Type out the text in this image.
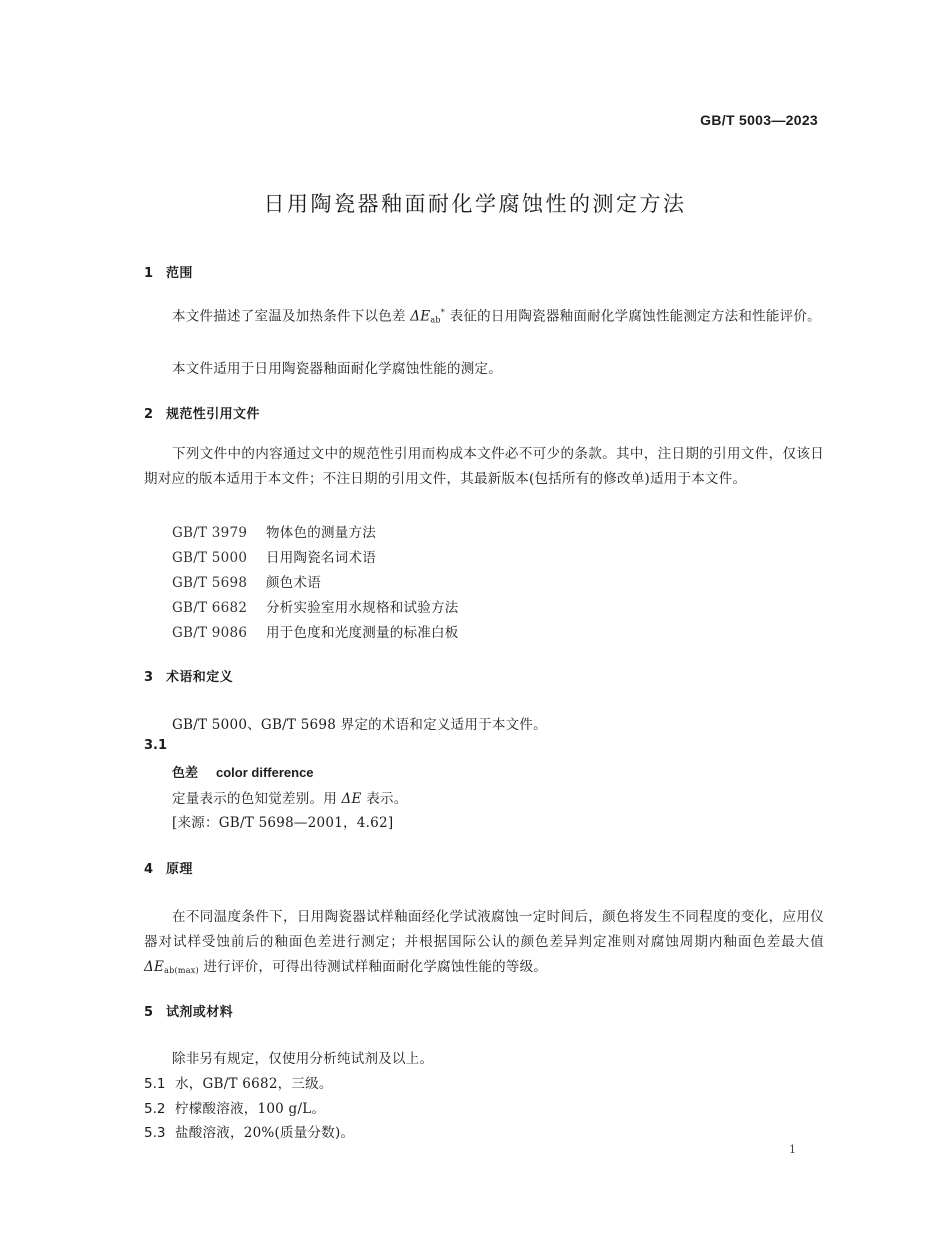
GB/T 5003—2023
日用陶瓷器釉面耐化学腐蚀性的测定方法
1 范围
本文件描述了室温及加热条件下以色差 $\Delta E_{ab}^*$ 表征的日用陶瓷器釉面耐化学腐蚀性能测定方法和性能评价。
本文件适用于日用陶瓷器釉面耐化学腐蚀性能的测定。
2 规范性引用文件
下列文件中的内容通过文中的规范性引用而构成本文件必不可少的条款。其中，注日期的引用文件，仅该日期对应的版本适用于本文件；不注日期的引用文件，其最新版本(包括所有的修改单)适用于本文件。
GB/T 3979 物体色的测量方法
GB/T 5000 日用陶瓷名词术语
GB/T 5698 颜色术语
GB/T 6682 分析实验室用水规格和试验方法
GB/T 9086 用于色度和光度测量的标准白板
3 术语和定义
GB/T 5000、GB/T 5698 界定的术语和定义适用于本文件。
3.1
色差 color difference
定量表示的色知觉差别。用 ΔE 表示。
[来源：GB/T 5698—2001，4.62]
4 原理
在不同温度条件下，日用陶瓷器试样釉面经化学试液腐蚀一定时间后，颜色将发生不同程度的变化，应用仪器对试样受蚀前后的釉面色差进行测定；并根据国际公认的颜色差异判定准则对腐蚀周期内釉面色差最大值 $\Delta E_{ab(max)}$ 进行评价，可得出待测试样釉面耐化学腐蚀性能的等级。
5 试剂或材料
除非另有规定，仅使用分析纯试剂及以上。
5.1 水，GB/T 6682，三级。
5.2 柠檬酸溶液，100 g/L。
5.3 盐酸溶液，20%(质量分数)。
1
